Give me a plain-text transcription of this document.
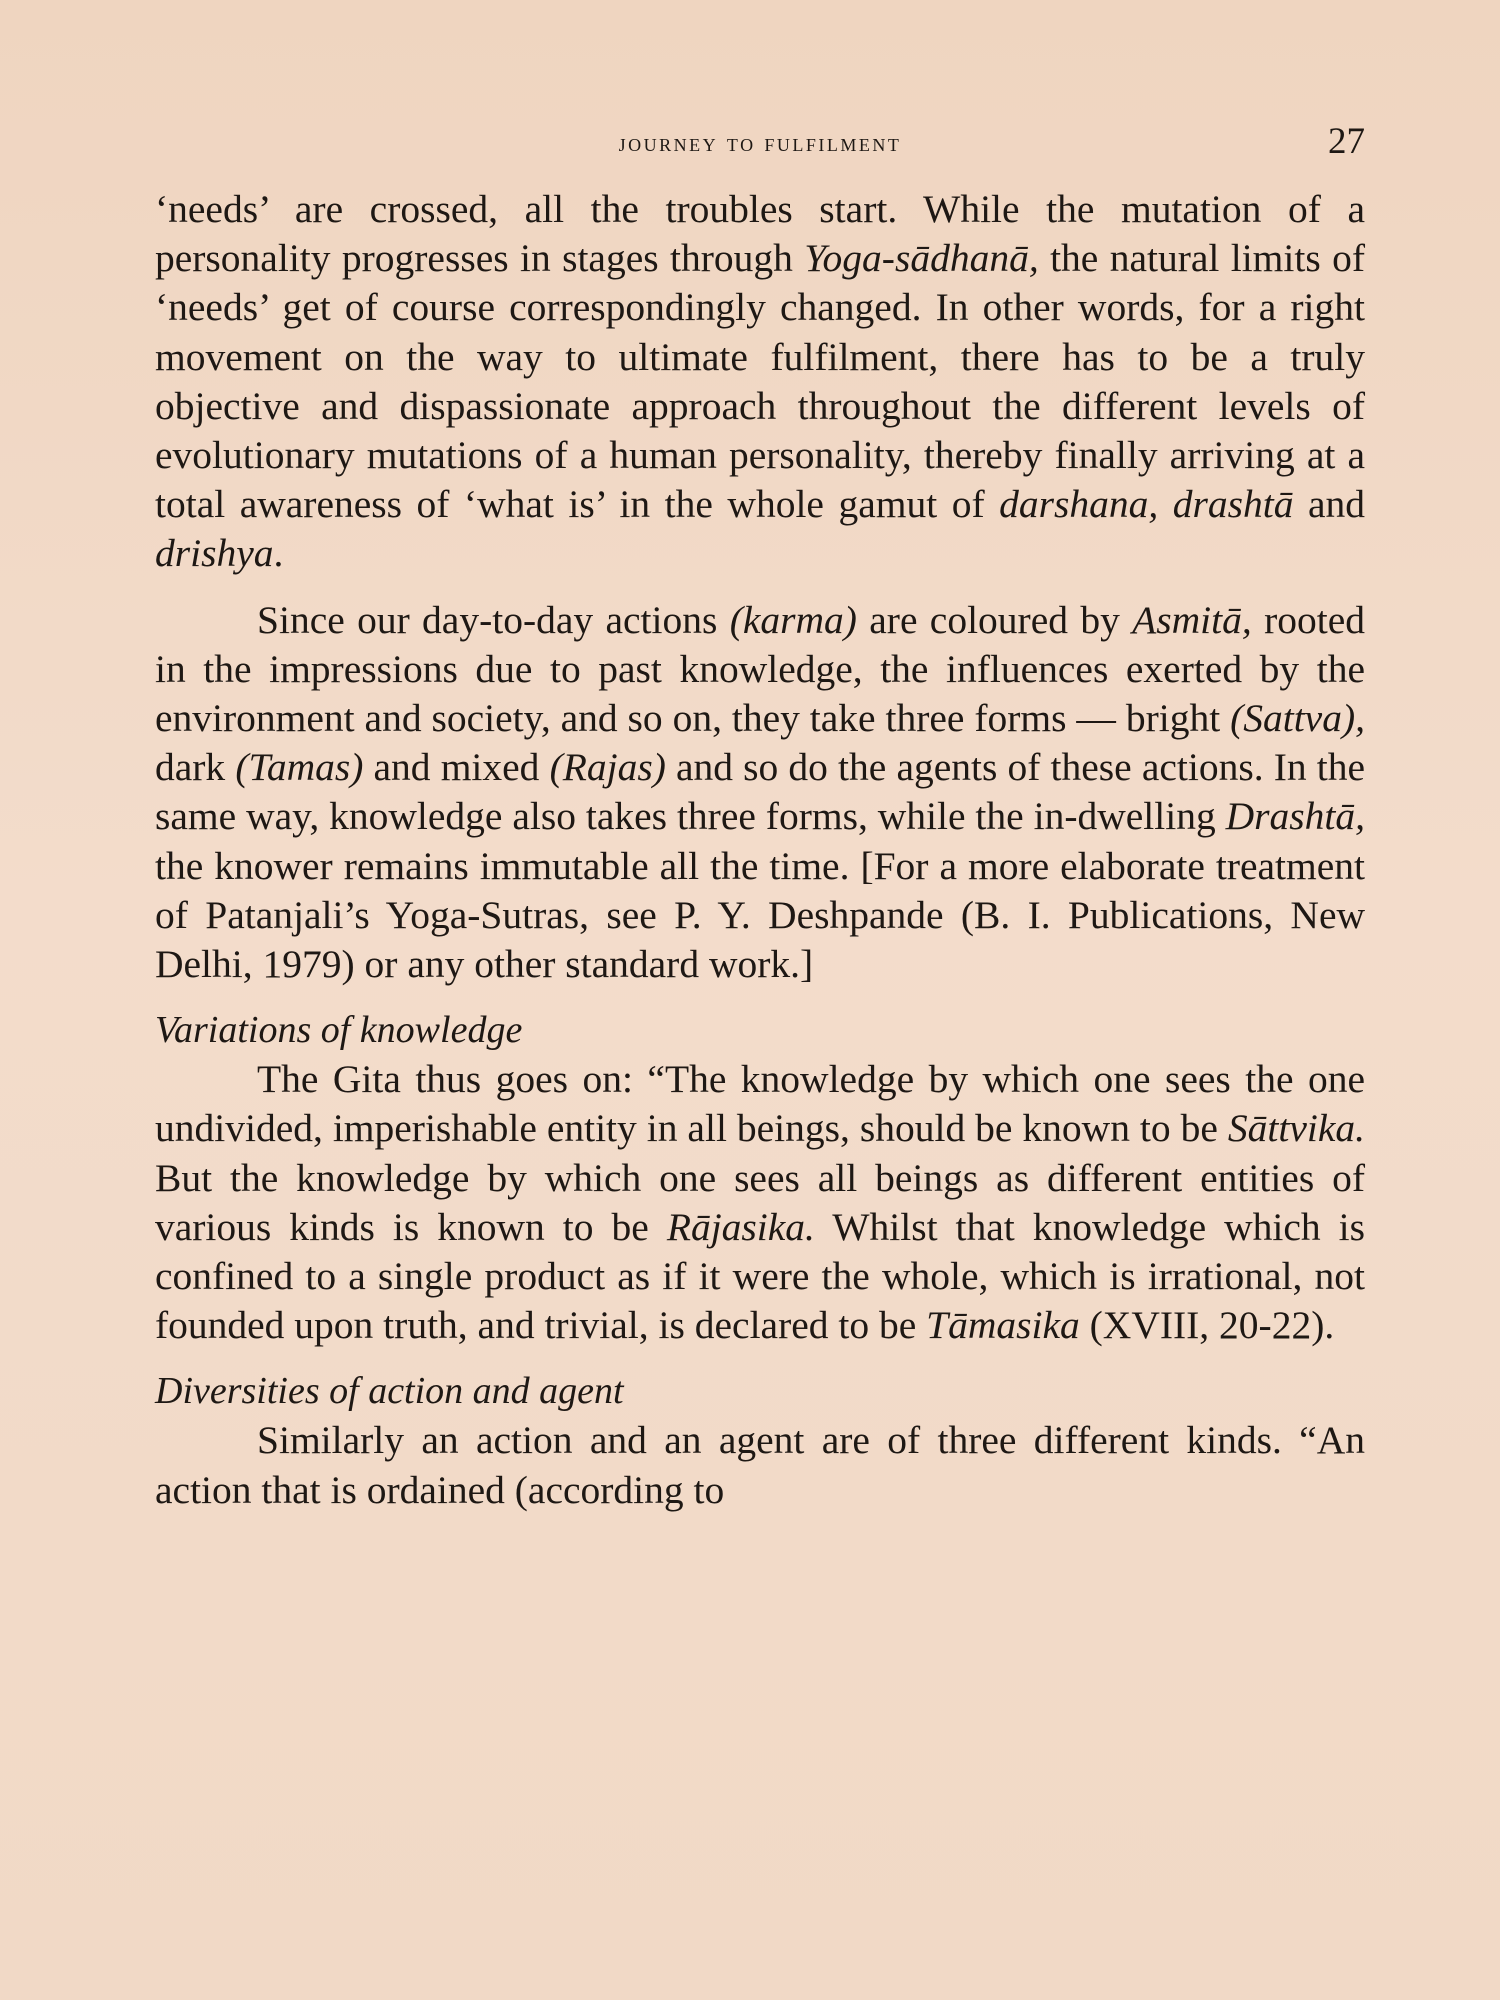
journey to fulfilment	27

‘needs’ are crossed, all the troubles start. While the mutation of a personality progresses in stages through Yoga-sādhanā, the natural limits of ‘needs’ get of course correspondingly changed. In other words, for a right movement on the way to ultimate fulfilment, there has to be a truly objective and dispassionate approach throughout the different levels of evolutionary mutations of a human personality, thereby finally arriving at a total awareness of ‘what is’ in the whole gamut of darshana, drashtā and drishya.

Since our day-to-day actions (karma) are coloured by Asmitā, rooted in the impressions due to past knowledge, the influences exerted by the environment and society, and so on, they take three forms — bright (Sattva), dark (Tamas) and mixed (Rajas) and so do the agents of these actions. In the same way, knowledge also takes three forms, while the in-dwelling Drashtā, the knower remains immutable all the time. [For a more elaborate treatment of Patanjali’s Yoga-Sutras, see P. Y. Deshpande (B. I. Publications, New Delhi, 1979) or any other standard work.]

Variations of knowledge

The Gita thus goes on: “The knowledge by which one sees the one undivided, imperishable entity in all beings, should be known to be Sāttvika. But the knowledge by which one sees all beings as different entities of various kinds is known to be Rājasika. Whilst that knowledge which is confined to a single product as if it were the whole, which is irrational, not founded upon truth, and trivial, is declared to be Tāmasika (XVIII, 20-22).

Diversities of action and agent

Similarly an action and an agent are of three different kinds. “An action that is ordained (according to
